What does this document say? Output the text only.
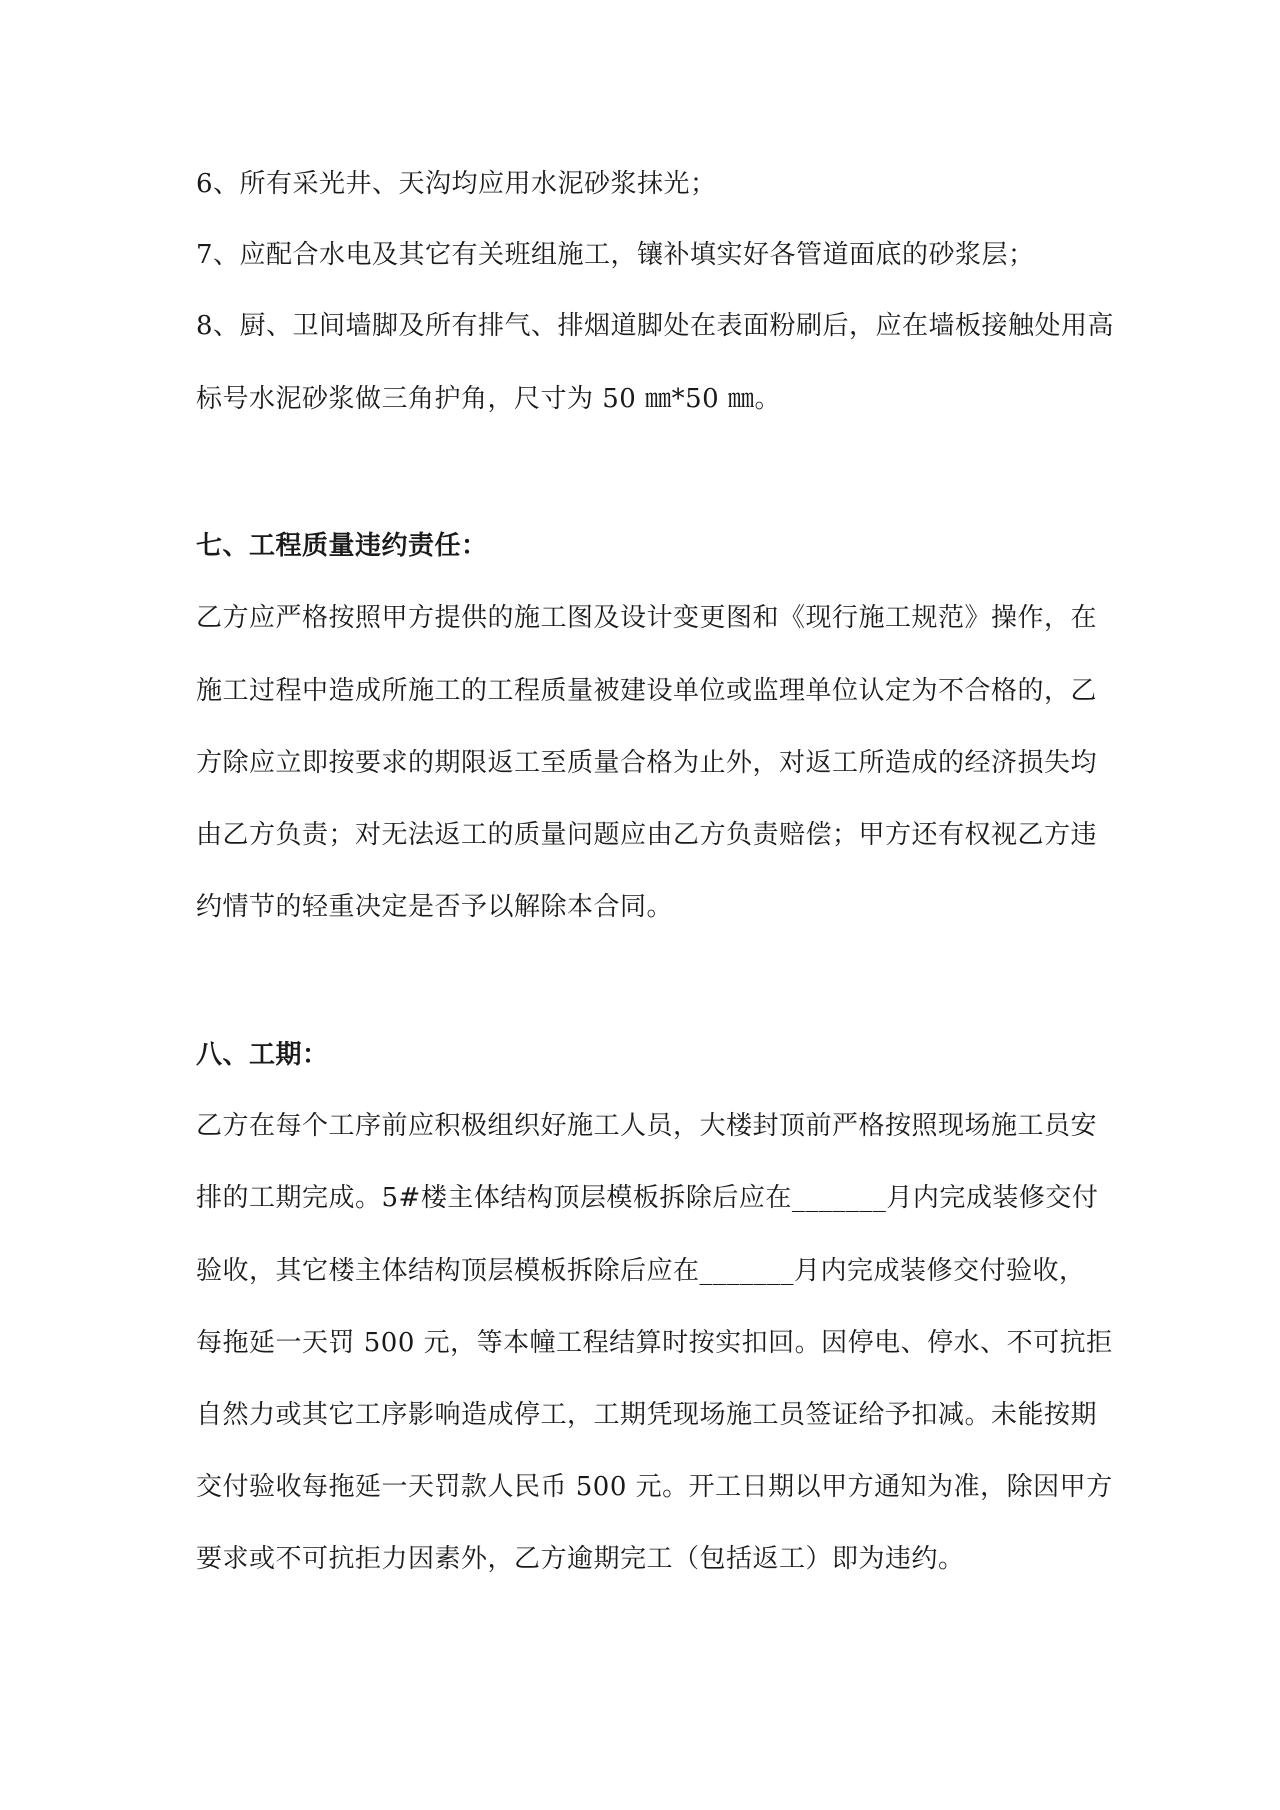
6、所有采光井、天沟均应用水泥砂浆抹光；
7、应配合水电及其它有关班组施工，镶补填实好各管道面底的砂浆层；
8、厨、卫间墙脚及所有排气、排烟道脚处在表面粉刷后，应在墙板接触处用高
标号水泥砂浆做三角护角，尺寸为 50 ㎜*50 ㎜。
七、工程质量违约责任：
乙方应严格按照甲方提供的施工图及设计变更图和《现行施工规范》操作，在
施工过程中造成所施工的工程质量被建设单位或监理单位认定为不合格的，乙
方除应立即按要求的期限返工至质量合格为止外，对返工所造成的经济损失均
由乙方负责；对无法返工的质量问题应由乙方负责赔偿；甲方还有权视乙方违
约情节的轻重决定是否予以解除本合同。
八、工期：
乙方在每个工序前应积极组织好施工人员，大楼封顶前严格按照现场施工员安
排的工期完成。5#楼主体结构顶层模板拆除后应在_______月内完成装修交付
验收，其它楼主体结构顶层模板拆除后应在_______月内完成装修交付验收，
每拖延一天罚 500 元，等本幢工程结算时按实扣回。因停电、停水、不可抗拒
自然力或其它工序影响造成停工，工期凭现场施工员签证给予扣减。未能按期
交付验收每拖延一天罚款人民币 500 元。开工日期以甲方通知为准，除因甲方
要求或不可抗拒力因素外，乙方逾期完工（包括返工）即为违约。
